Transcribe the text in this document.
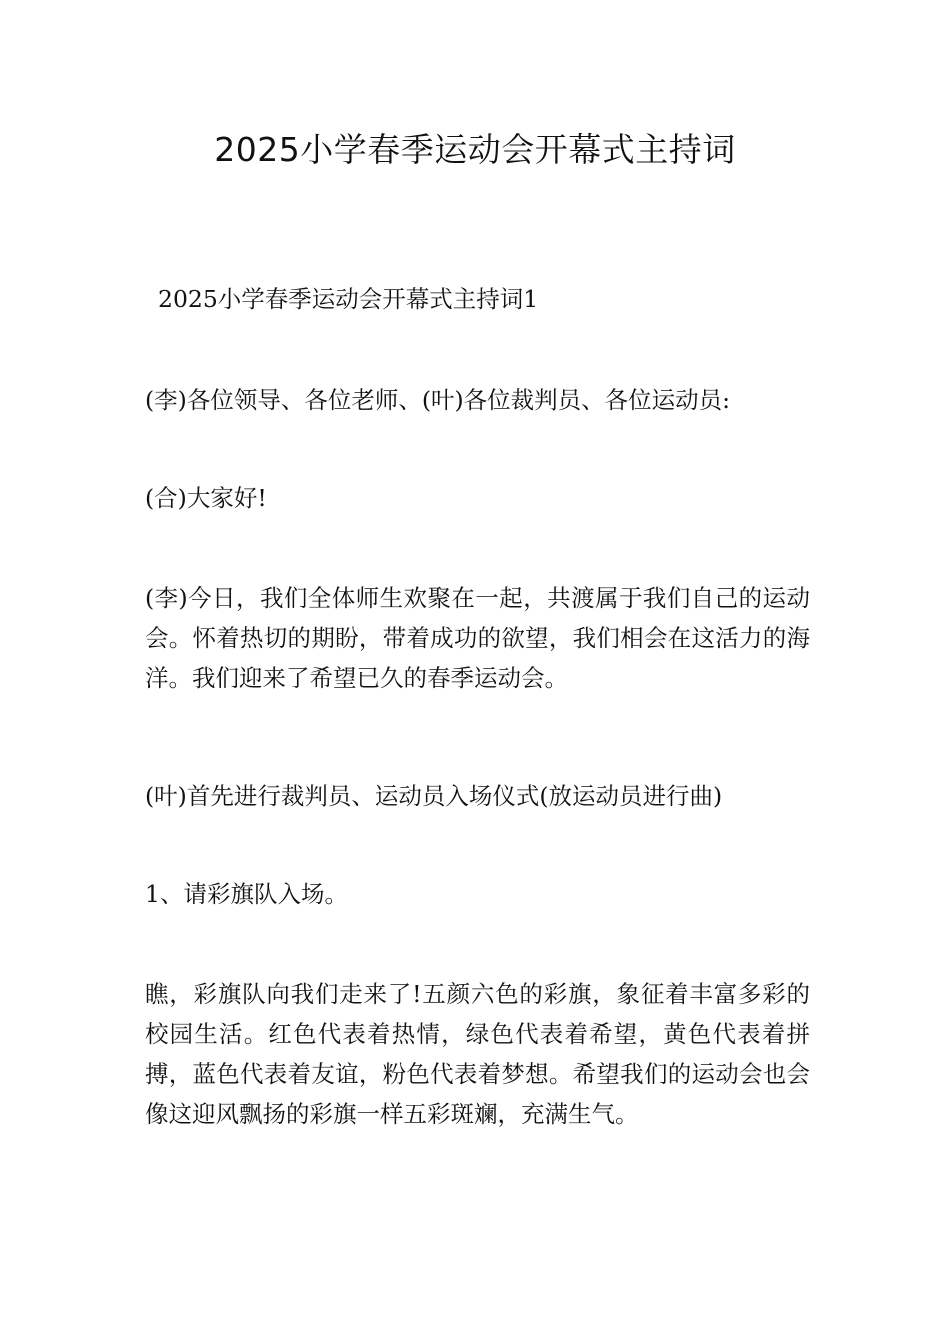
2025小学春季运动会开幕式主持词
2025小学春季运动会开幕式主持词1

(李)各位领导、各位老师、(叶)各位裁判员、各位运动员:

(合)大家好!

(李)今日，我们全体师生欢聚在一起，共渡属于我们自己的运动会。怀着热切的期盼，带着成功的欲望，我们相会在这活力的海洋。我们迎来了希望已久的春季运动会。

(叶)首先进行裁判员、运动员入场仪式(放运动员进行曲)

1、请彩旗队入场。

瞧，彩旗队向我们走来了!五颜六色的彩旗，象征着丰富多彩的校园生活。红色代表着热情，绿色代表着希望，黄色代表着拼搏，蓝色代表着友谊，粉色代表着梦想。希望我们的运动会也会像这迎风飘扬的彩旗一样五彩斑斓，充满生气。
